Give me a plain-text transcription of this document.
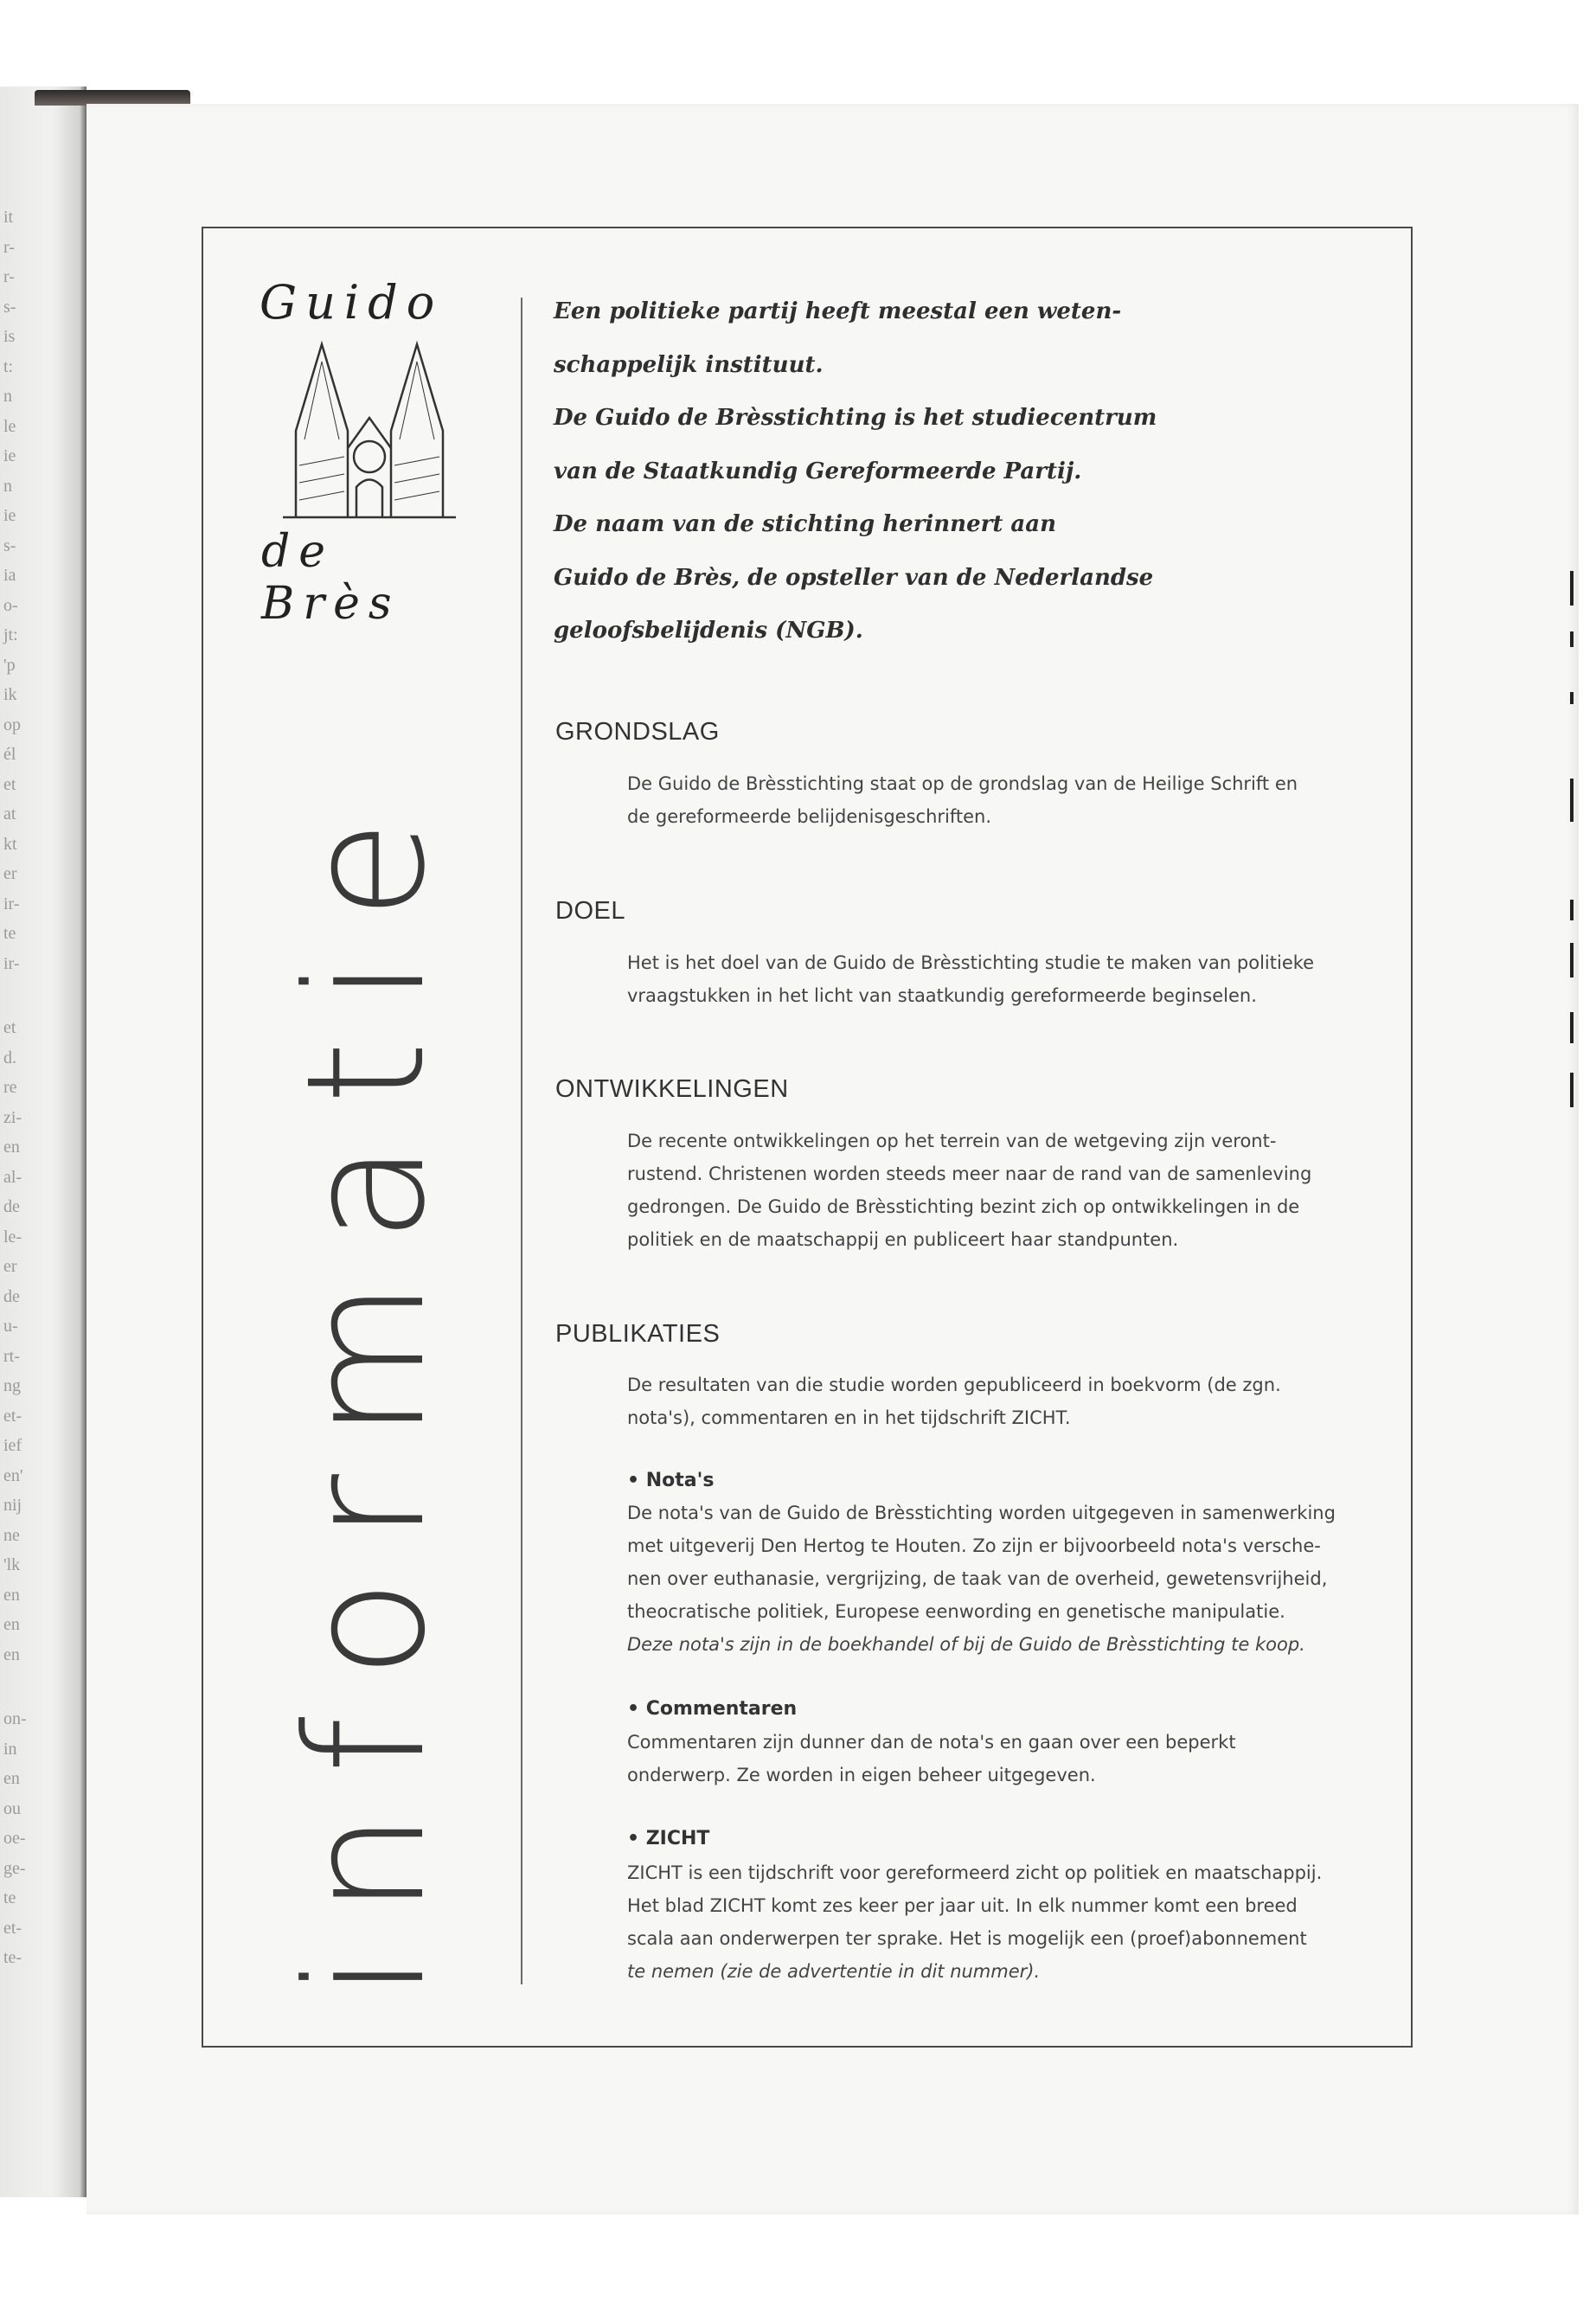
it
r-
r-
s-
is
t:
n
le
ie
n
ie
s-
ia
o-
jt:
'p
ik
op
él
et
at
kt
er
ir-
te
ir-
et
d.
re
zi-
en
al-
de
le-
er
de
u-
rt-
ng
et-
ief
en'
nij
ne
'lk
en
en
en
on-
in
en
ou
oe-
ge-
te
et-
te-
Guido
de Brès
informatie
Een politieke partij heeft meestal een weten-
schappelijk instituut.
De Guido de Brèsstichting is het studiecentrum
van de Staatkundig Gereformeerde Partij.
De naam van de stichting herinnert aan
Guido de Brès, de opsteller van de Nederlandse
geloofsbelijdenis (NGB).
GRONDSLAG
De Guido de Brèsstichting staat op de grondslag van de Heilige Schrift en
de gereformeerde belijdenisgeschriften.
DOEL
Het is het doel van de Guido de Brèsstichting studie te maken van politieke
vraagstukken in het licht van staatkundig gereformeerde beginselen.
ONTWIKKELINGEN
De recente ontwikkelingen op het terrein van de wetgeving zijn veront-
rustend. Christenen worden steeds meer naar de rand van de samenleving
gedrongen. De Guido de Brèsstichting bezint zich op ontwikkelingen in de
politiek en de maatschappij en publiceert haar standpunten.
PUBLIKATIES
De resultaten van die studie worden gepubliceerd in boekvorm (de zgn.
nota's), commentaren en in het tijdschrift ZICHT.
• Nota's
De nota's van de Guido de Brèsstichting worden uitgegeven in samenwerking
met uitgeverij Den Hertog te Houten. Zo zijn er bijvoorbeeld nota's versche-
nen over euthanasie, vergrijzing, de taak van de overheid, gewetensvrijheid,
theocratische politiek, Europese eenwording en genetische manipulatie.
Deze nota's zijn in de boekhandel of bij de Guido de Brèsstichting te koop.
• Commentaren
Commentaren zijn dunner dan de nota's en gaan over een beperkt
onderwerp. Ze worden in eigen beheer uitgegeven.
• ZICHT
ZICHT is een tijdschrift voor gereformeerd zicht op politiek en maatschappij.
Het blad ZICHT komt zes keer per jaar uit. In elk nummer komt een breed
scala aan onderwerpen ter sprake. Het is mogelijk een (proef)abonnement
te nemen (zie de advertentie in dit nummer).
